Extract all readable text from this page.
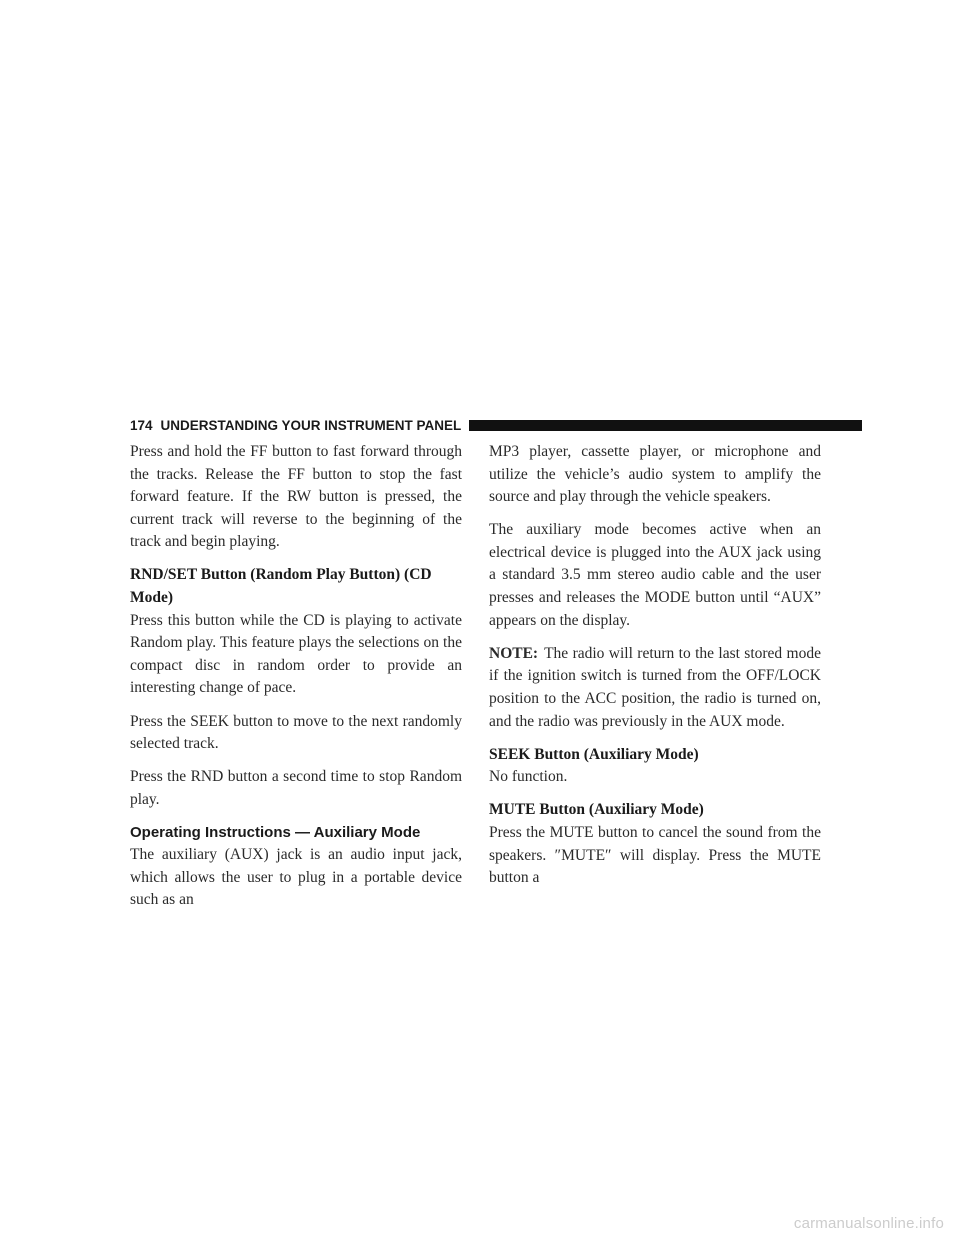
174 UNDERSTANDING YOUR INSTRUMENT PANEL

Press and hold the FF button to fast forward through the tracks. Release the FF button to stop the fast forward feature. If the RW button is pressed, the current track will reverse to the beginning of the track and begin playing.

RND/SET Button (Random Play Button) (CD Mode)

Press this button while the CD is playing to activate Random play. This feature plays the selections on the compact disc in random order to provide an interesting change of pace.

Press the SEEK button to move to the next randomly selected track.

Press the RND button a second time to stop Random play.

Operating Instructions — Auxiliary Mode

The auxiliary (AUX) jack is an audio input jack, which allows the user to plug in a portable device such as an

MP3 player, cassette player, or microphone and utilize the vehicle’s audio system to amplify the source and play through the vehicle speakers.

The auxiliary mode becomes active when an electrical device is plugged into the AUX jack using a standard 3.5 mm stereo audio cable and the user presses and releases the MODE button until “AUX” appears on the display.

NOTE: The radio will return to the last stored mode if the ignition switch is turned from the OFF/LOCK position to the ACC position, the radio is turned on, and the radio was previously in the AUX mode.

SEEK Button (Auxiliary Mode)

No function.

MUTE Button (Auxiliary Mode)

Press the MUTE button to cancel the sound from the speakers. ″MUTE″ will display. Press the MUTE button a

carmanualsonline.info
